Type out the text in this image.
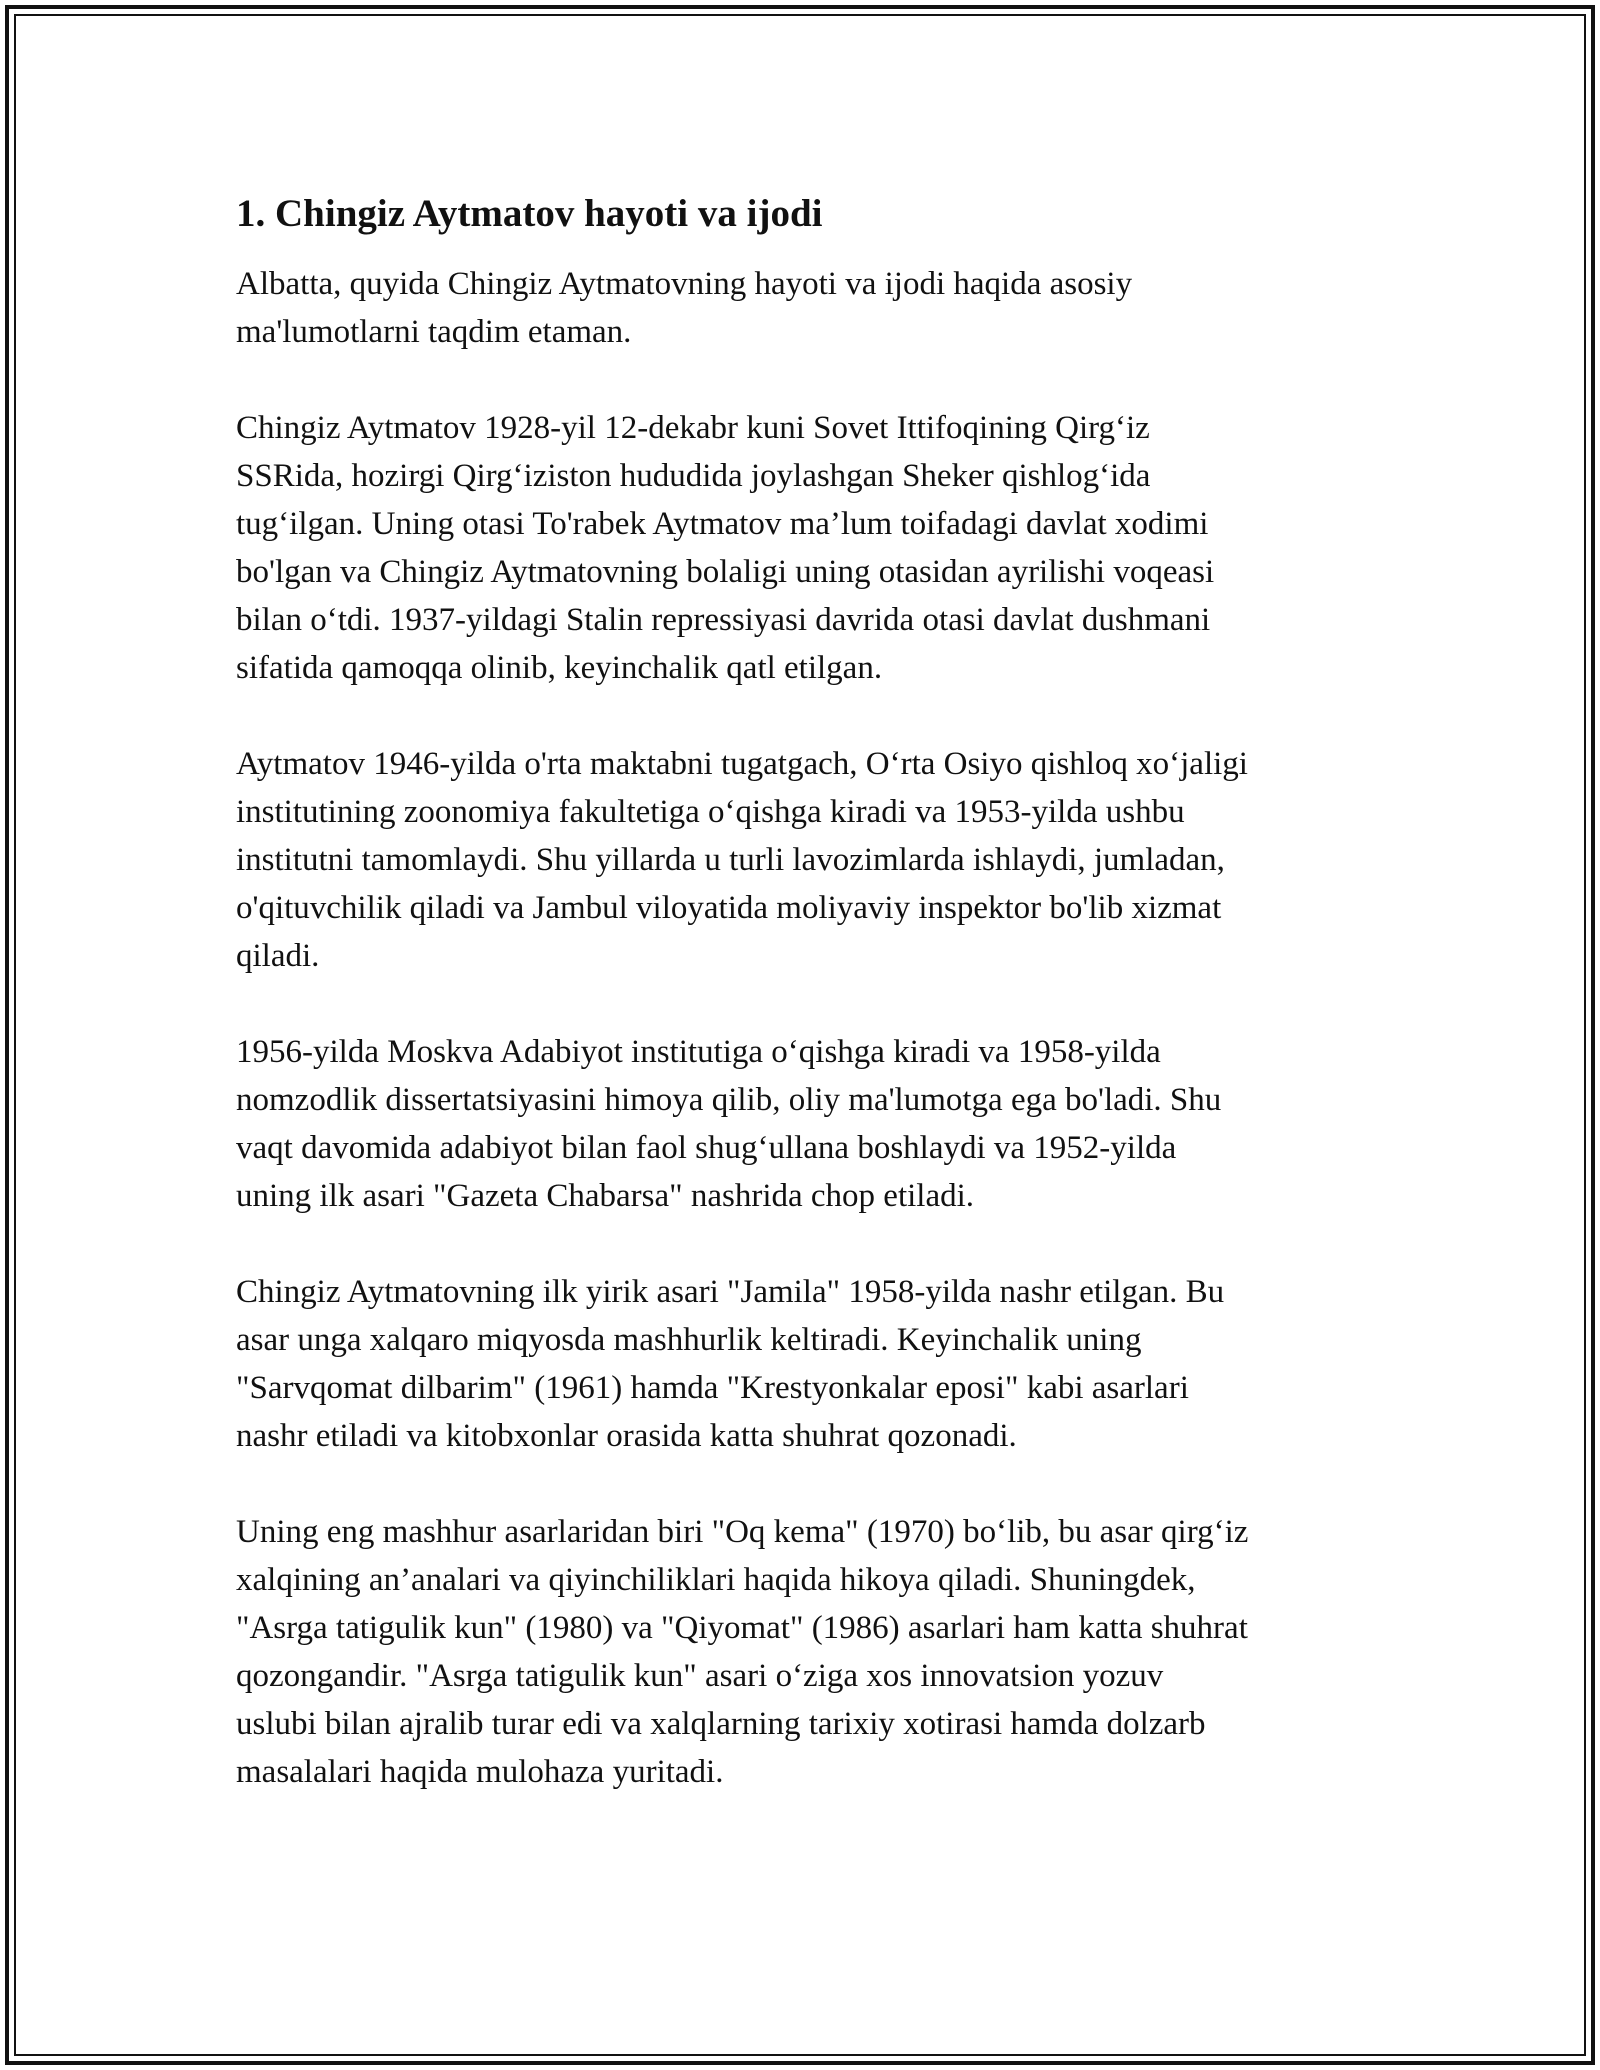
1. Chingiz Aytmatov hayoti va ijodi

Albatta, quyida Chingiz Aytmatovning hayoti va ijodi haqida asosiy
ma'lumotlarni taqdim etaman.

Chingiz Aytmatov 1928-yil 12-dekabr kuni Sovet Ittifoqining Qirg‘iz
SSRida, hozirgi Qirg‘iziston hududida joylashgan Sheker qishlog‘ida
tug‘ilgan. Uning otasi To'rabek Aytmatov ma’lum toifadagi davlat xodimi
bo'lgan va Chingiz Aytmatovning bolaligi uning otasidan ayrilishi voqeasi
bilan o‘tdi. 1937-yildagi Stalin repressiyasi davrida otasi davlat dushmani
sifatida qamoqqa olinib, keyinchalik qatl etilgan.

Aytmatov 1946-yilda o'rta maktabni tugatgach, O‘rta Osiyo qishloq xo‘jaligi
institutining zoonomiya fakultetiga o‘qishga kiradi va 1953-yilda ushbu
institutni tamomlaydi. Shu yillarda u turli lavozimlarda ishlaydi, jumladan,
o'qituvchilik qiladi va Jambul viloyatida moliyaviy inspektor bo'lib xizmat
qiladi.

1956-yilda Moskva Adabiyot institutiga o‘qishga kiradi va 1958-yilda
nomzodlik dissertatsiyasini himoya qilib, oliy ma'lumotga ega bo'ladi. Shu
vaqt davomida adabiyot bilan faol shug‘ullana boshlaydi va 1952-yilda
uning ilk asari "Gazeta Chabarsa" nashrida chop etiladi.

Chingiz Aytmatovning ilk yirik asari "Jamila" 1958-yilda nashr etilgan. Bu
asar unga xalqaro miqyosda mashhurlik keltiradi. Keyinchalik uning
"Sarvqomat dilbarim" (1961) hamda "Krestyonkalar eposi" kabi asarlari
nashr etiladi va kitobxonlar orasida katta shuhrat qozonadi.

Uning eng mashhur asarlaridan biri "Oq kema" (1970) bo‘lib, bu asar qirg‘iz
xalqining an’analari va qiyinchiliklari haqida hikoya qiladi. Shuningdek,
"Asrga tatigulik kun" (1980) va "Qiyomat" (1986) asarlari ham katta shuhrat
qozongandir. "Asrga tatigulik kun" asari o‘ziga xos innovatsion yozuv
uslubi bilan ajralib turar edi va xalqlarning tarixiy xotirasi hamda dolzarb
masalalari haqida mulohaza yuritadi.
